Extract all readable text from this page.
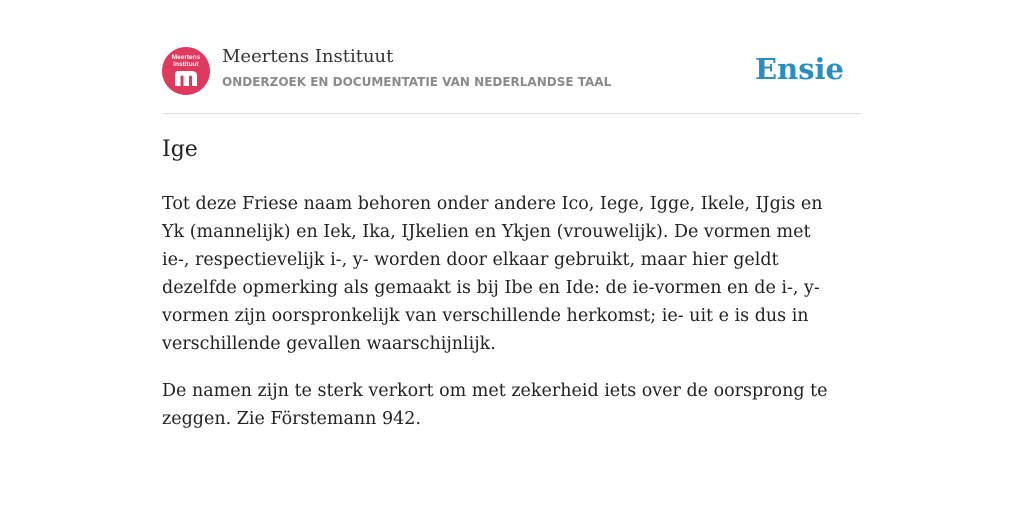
Meertens
Instituut	Meertens Instituut
ONDERZOEK EN DOCUMENTATIE VAN NEDERLANDSE TAAL	Ensie
Ige

Tot deze Friese naam behoren onder andere Ico, Iege, Igge, Ikele, IJgis en Yk (mannelijk) en Iek, Ika, IJkelien en Ykjen (vrouwelijk). De vormen met ie-, respectievelijk i-, y- worden door elkaar gebruikt, maar hier geldt dezelfde opmerking als gemaakt is bij Ibe en Ide: de ie-vormen en de i-, y-vormen zijn oorspronkelijk van verschillende herkomst; ie- uit e is dus in verschillende gevallen waarschijnlijk.

De namen zijn te sterk verkort om met zekerheid iets over de oorsprong te zeggen. Zie Förstemann 942.
